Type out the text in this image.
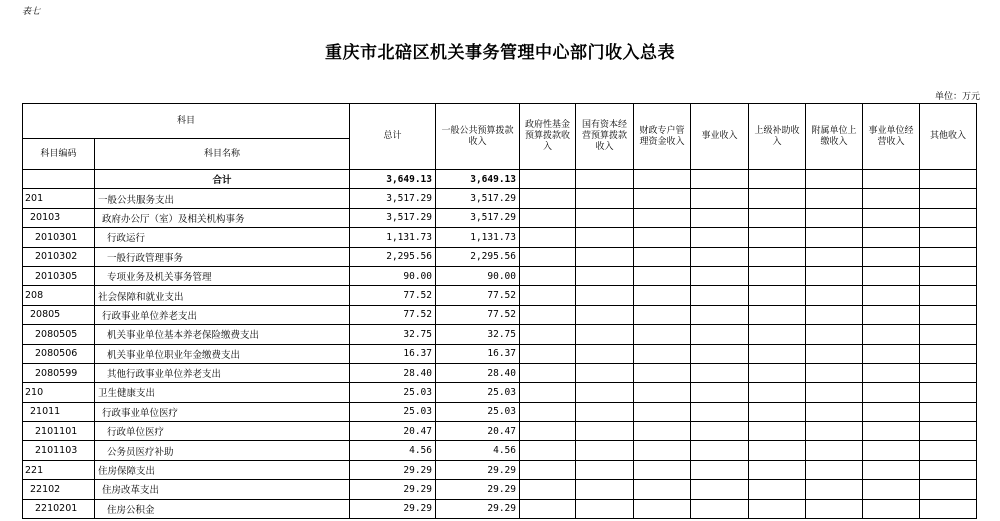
表七
重庆市北碚区机关事务管理中心部门收入总表
单位：万元
科目		总计	一般公共预算拨款收入	政府性基金预算拨款收入	国有资本经营预算拨款收入	财政专户管理资金收入	事业收入	上级补助收入	附属单位上缴收入	事业单位经营收入	其他收入
科目编码	科目名称										
	合计	3,649.13	3,649.13								
201	一般公共服务支出	3,517.29	3,517.29								
20103	政府办公厅（室）及相关机构事务	3,517.29	3,517.29								
2010301	行政运行	1,131.73	1,131.73								
2010302	一般行政管理事务	2,295.56	2,295.56								
2010305	专项业务及机关事务管理	90.00	90.00								
208	社会保障和就业支出	77.52	77.52								
20805	行政事业单位养老支出	77.52	77.52								
2080505	机关事业单位基本养老保险缴费支出	32.75	32.75								
2080506	机关事业单位职业年金缴费支出	16.37	16.37								
2080599	其他行政事业单位养老支出	28.40	28.40								
210	卫生健康支出	25.03	25.03								
21011	行政事业单位医疗	25.03	25.03								
2101101	行政单位医疗	20.47	20.47								
2101103	公务员医疗补助	4.56	4.56								
221	住房保障支出	29.29	29.29								
22102	住房改革支出	29.29	29.29								
2210201	住房公积金	29.29	29.29								
